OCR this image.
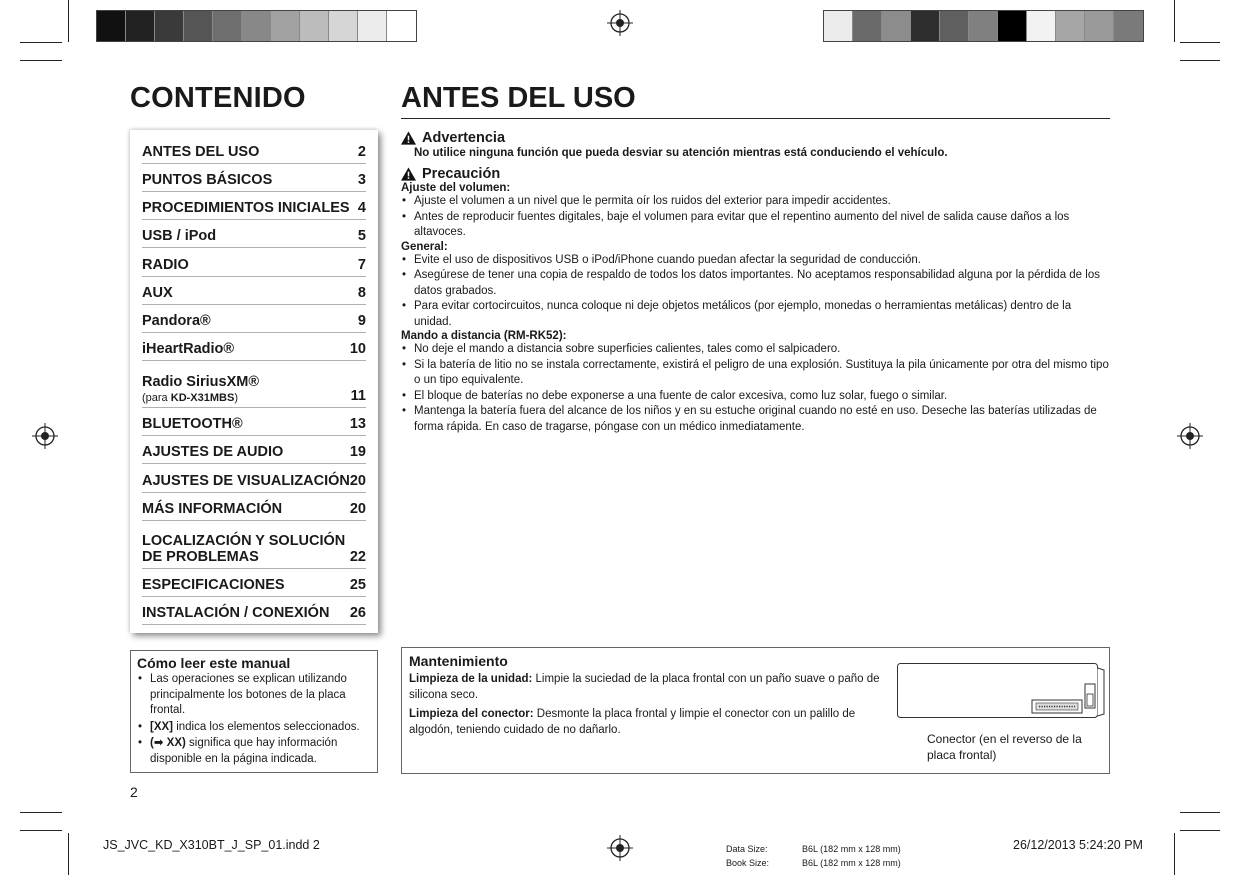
CONTENIDO	ANTES DEL USO
ANTES DEL USO	2
PUNTOS BÁSICOS	3
PROCEDIMIENTOS INICIALES 4
USB / iPod	5
RADIO	7
AUX	8
Pandora®	9
iHeartRadio®	10
Radio SiriusXM®
(para KD-X31MBS)	11
BLUETOOTH®	13
AJUSTES DE AUDIO	19
AJUSTES DE VISUALIZACIÓN 20
MÁS INFORMACIÓN	20
LOCALIZACIÓN Y SOLUCIÓN
DE PROBLEMAS	22
ESPECIFICACIONES	25
INSTALACIÓN / CONEXIÓN 26
Advertencia
No utilice ninguna función que pueda desviar su atención mientras está conduciendo el vehículo.
Precaución
Ajuste del volumen:
• Ajuste el volumen a un nivel que le permita oír los ruidos del exterior para impedir accidentes.
• Antes de reproducir fuentes digitales, baje el volumen para evitar que el repentino aumento del nivel de salida cause daños a los altavoces.
General:
• Evite el uso de dispositivos USB o iPod/iPhone cuando puedan afectar la seguridad de conducción.
• Asegúrese de tener una copia de respaldo de todos los datos importantes. No aceptamos responsabilidad alguna por la pérdida de los datos grabados.
• Para evitar cortocircuitos, nunca coloque ni deje objetos metálicos (por ejemplo, monedas o herramientas metálicas) dentro de la unidad.
Mando a distancia (RM-RK52):
• No deje el mando a distancia sobre superficies calientes, tales como el salpicadero.
• Si la batería de litio no se instala correctamente, existirá el peligro de una explosión. Sustituya la pila únicamente por otra del mismo tipo o un tipo equivalente.
• El bloque de baterías no debe exponerse a una fuente de calor excesiva, como luz solar, fuego o similar.
• Mantenga la batería fuera del alcance de los niños y en su estuche original cuando no esté en uso. Deseche las baterías utilizadas de forma rápida. En caso de tragarse, póngase con un médico inmediatamente.
Cómo leer este manual
• Las operaciones se explican utilizando principalmente los botones de la placa frontal.
• [XX] indica los elementos seleccionados.
• (➡ XX) significa que hay información disponible en la página indicada.
Mantenimiento
Limpieza de la unidad: Limpie la suciedad de la placa frontal con un paño suave o paño de silicona seco.
Limpieza del conector: Desmonte la placa frontal y limpie el conector con un palillo de algodón, teniendo cuidado de no dañarlo.
Conector (en el reverso de la placa frontal)
2
JS_JVC_KD_X310BT_J_SP_01.indd 2	Data Size:	B6L (182 mm x 128 mm)
Book Size:	B6L (182 mm x 128 mm)
26/12/2013 5:24:20 PM
